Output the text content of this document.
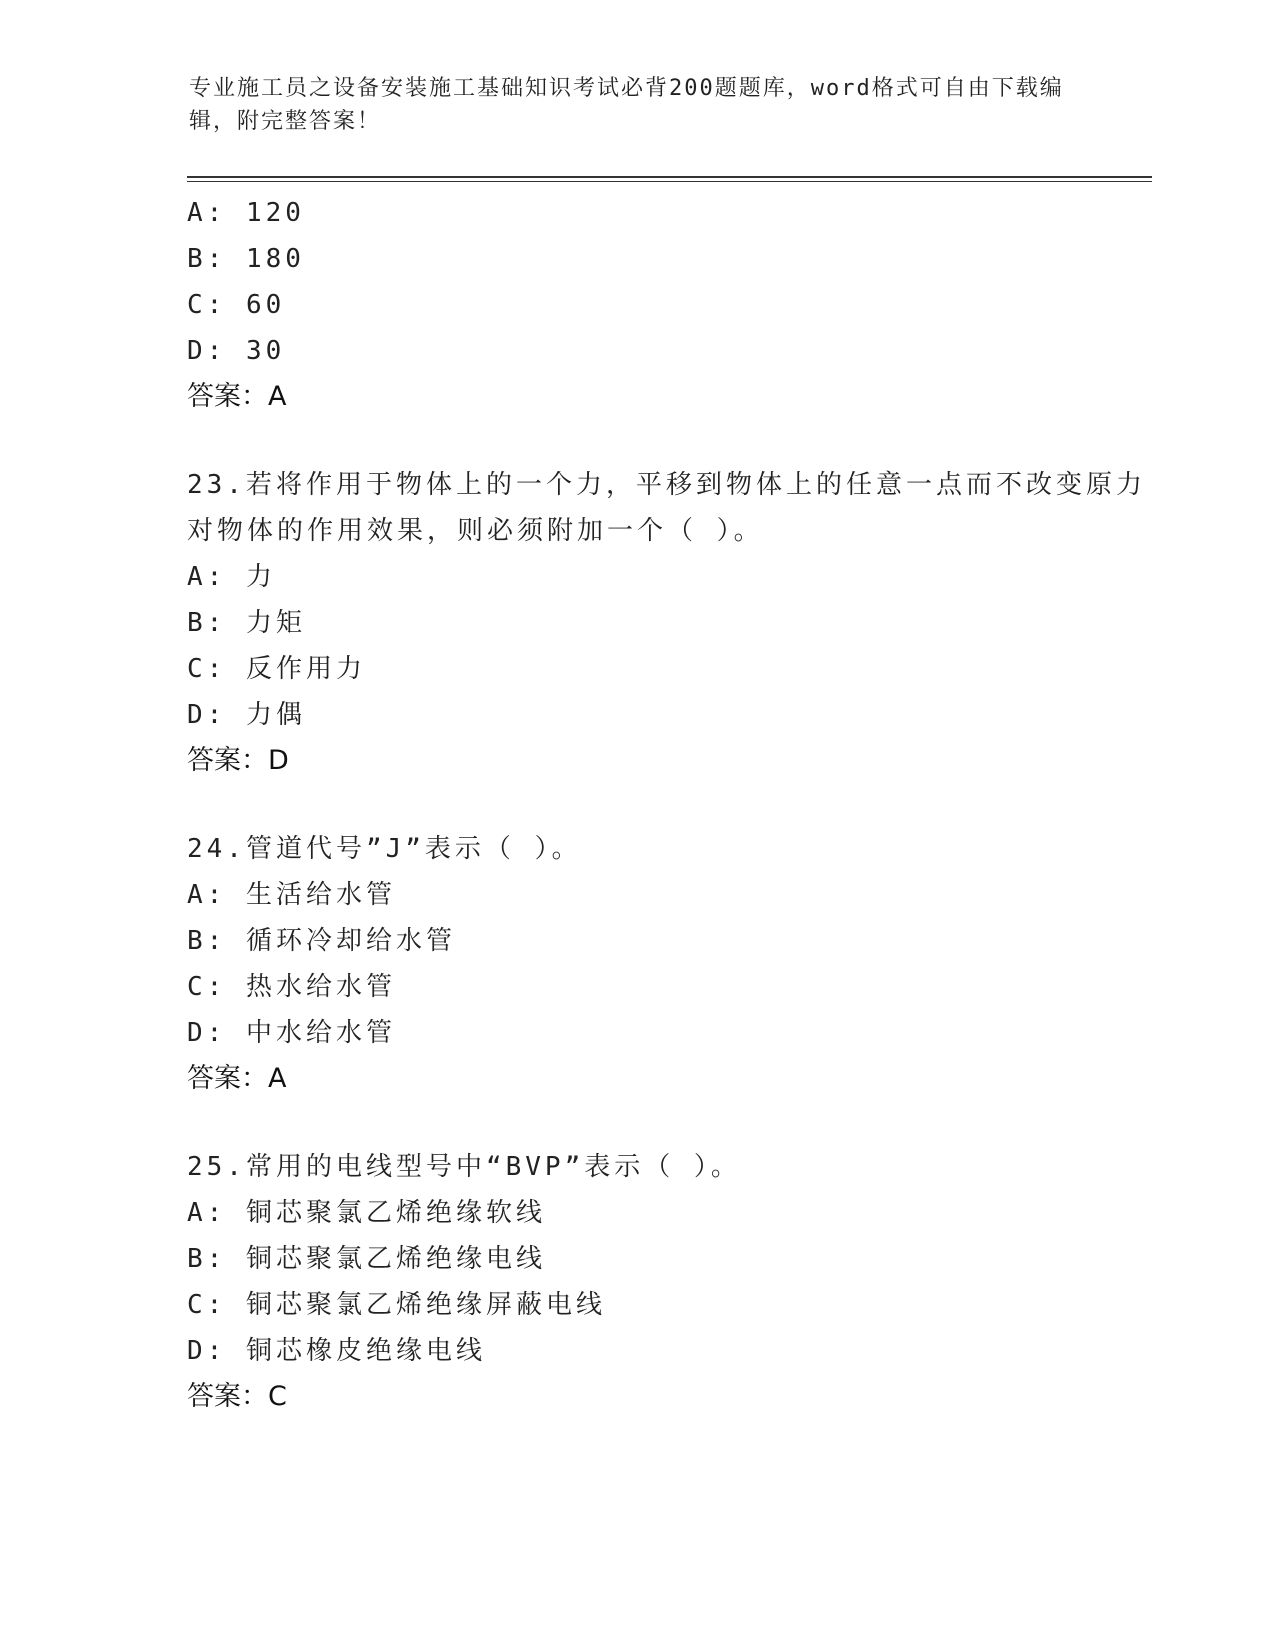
专业施工员之设备安装施工基础知识考试必背200题题库，word格式可自由下载编辑，附完整答案！
A: 120
B: 180
C: 60
D: 30
答案：A
23.若将作用于物体上的一个力，平移到物体上的任意一点而不改变原力对物体的作用效果，则必须附加一个（ ）。
A: 力
B: 力矩
C: 反作用力
D: 力偶
答案：D
24.管道代号”J”表示（ ）。
A: 生活给水管
B: 循环冷却给水管
C: 热水给水管
D: 中水给水管
答案：A
25.常用的电线型号中“BVP”表示（ ）。
A: 铜芯聚氯乙烯绝缘软线
B: 铜芯聚氯乙烯绝缘电线
C: 铜芯聚氯乙烯绝缘屏蔽电线
D: 铜芯橡皮绝缘电线
答案：C
